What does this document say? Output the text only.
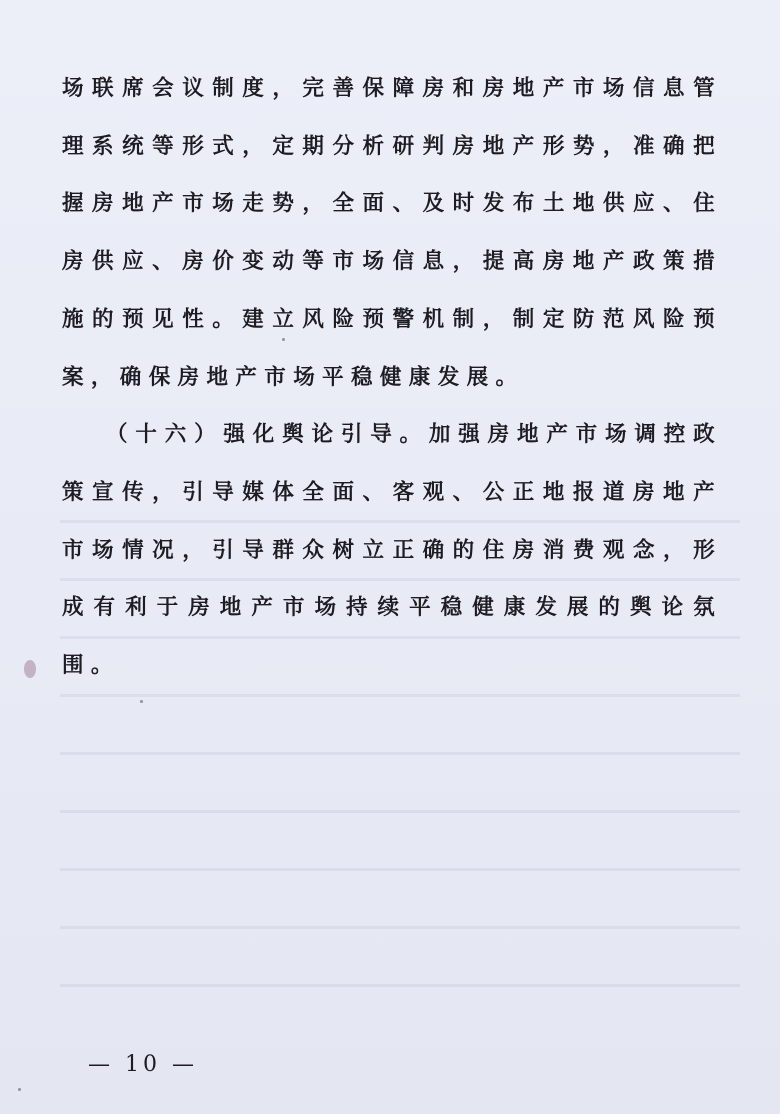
场联席会议制度，完善保障房和房地产市场信息管理系统等形式，定期分析研判房地产形势，准确把握房地产市场走势，全面、及时发布土地供应、住房供应、房价变动等市场信息，提高房地产政策措施的预见性。建立风险预警机制，制定防范风险预案，确保房地产市场平稳健康发展。

（十六）强化舆论引导。加强房地产市场调控政策宣传，引导媒体全面、客观、公正地报道房地产市场情况，引导群众树立正确的住房消费观念，形成有利于房地产市场持续平稳健康发展的舆论氛围。

— 10 —
